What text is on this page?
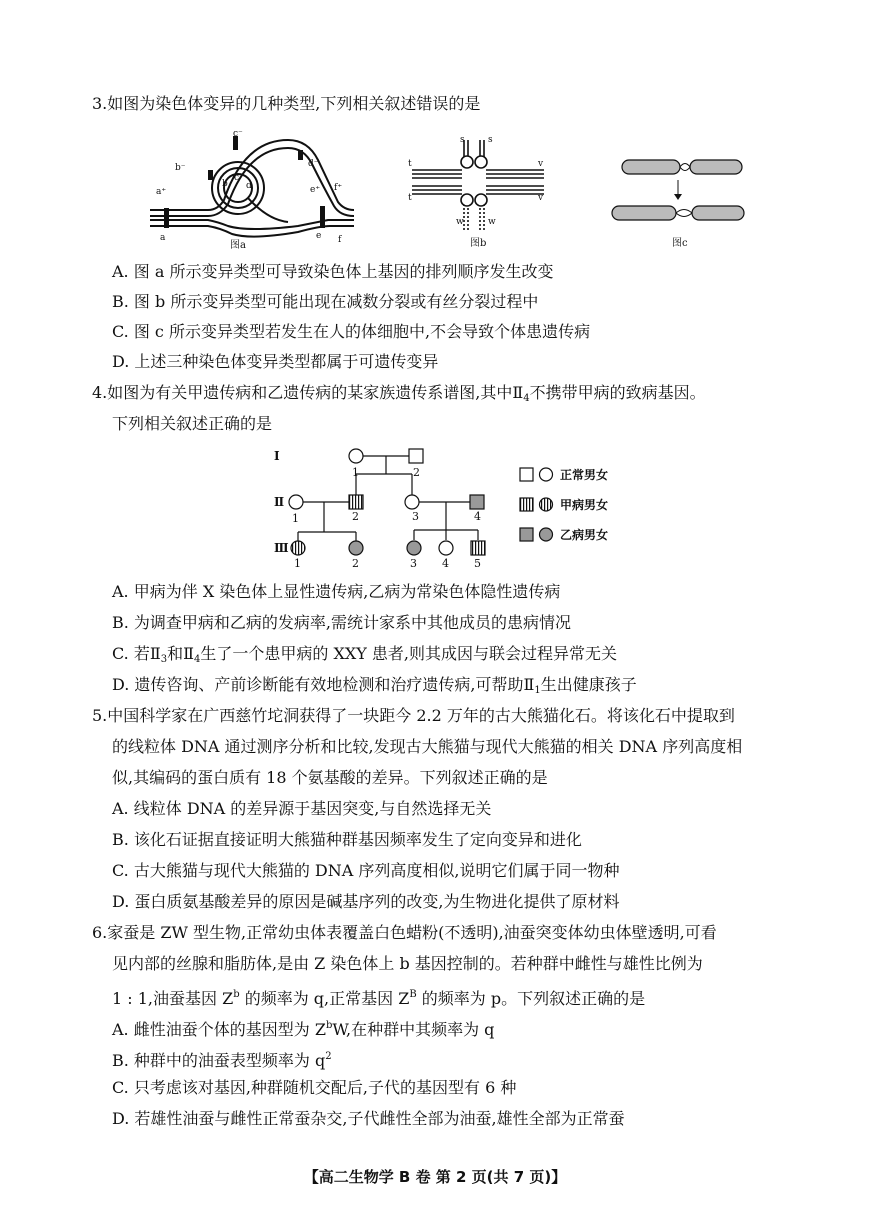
3.如图为染色体变异的几种类型,下列相关叙述错误的是
c⁻
b⁻
a⁺
d⁻
e⁺ f⁺
a	e f
b
c
d
图a
s	s
t
t
v
v
w	w
图b	图c
A. 图 a 所示变异类型可导致染色体上基因的排列顺序发生改变
B. 图 b 所示变异类型可能出现在减数分裂或有丝分裂过程中
C. 图 c 所示变异类型若发生在人的体细胞中,不会导致个体患遗传病
D. 上述三种染色体变异类型都属于可遗传变异
4.如图为有关甲遗传病和乙遗传病的某家族遗传系谱图,其中$Ⅱ_4$不携带甲病的致病基因。
下列相关叙述正确的是
Ⅰ
Ⅱ
Ⅲ
1	2
1	2	3	4
1	2	3 4 5
正常男女
甲病男女
乙病男女
A. 甲病为伴 X 染色体上显性遗传病,乙病为常染色体隐性遗传病
B. 为调查甲病和乙病的发病率,需统计家系中其他成员的患病情况
C. 若$Ⅱ_3$和$Ⅱ_4$生了一个患甲病的 XXY 患者,则其成因与联会过程异常无关
D. 遗传咨询、产前诊断能有效地检测和治疗遗传病,可帮助$Ⅱ_1$生出健康孩子
5.中国科学家在广西慈竹坨洞获得了一块距今 2.2 万年的古大熊猫化石。将该化石中提取到
的线粒体 DNA 通过测序分析和比较,发现古大熊猫与现代大熊猫的相关 DNA 序列高度相
似,其编码的蛋白质有 18 个氨基酸的差异。下列叙述正确的是
A. 线粒体 DNA 的差异源于基因突变,与自然选择无关
B. 该化石证据直接证明大熊猫种群基因频率发生了定向变异和进化
C. 古大熊猫与现代大熊猫的 DNA 序列高度相似,说明它们属于同一物种
D. 蛋白质氨基酸差异的原因是碱基序列的改变,为生物进化提供了原材料
6.家蚕是 ZW 型生物,正常幼虫体表覆盖白色蜡粉(不透明),油蚕突变体幼虫体壁透明,可看
见内部的丝腺和脂肪体,是由 Z 染色体上 b 基因控制的。若种群中雌性与雄性比例为
1 : 1,油蚕基因 $Z^b$ 的频率为 q,正常基因 $Z^B$ 的频率为 p。下列叙述正确的是
A. 雌性油蚕个体的基因型为 $Z^bW$,在种群中其频率为 q
B. 种群中的油蚕表型频率为 $q^2$
C. 只考虑该对基因,种群随机交配后,子代的基因型有 6 种
D. 若雄性油蚕与雌性正常蚕杂交,子代雌性全部为油蚕,雄性全部为正常蚕
【高二生物学 B 卷 第 2 页(共 7 页)】
